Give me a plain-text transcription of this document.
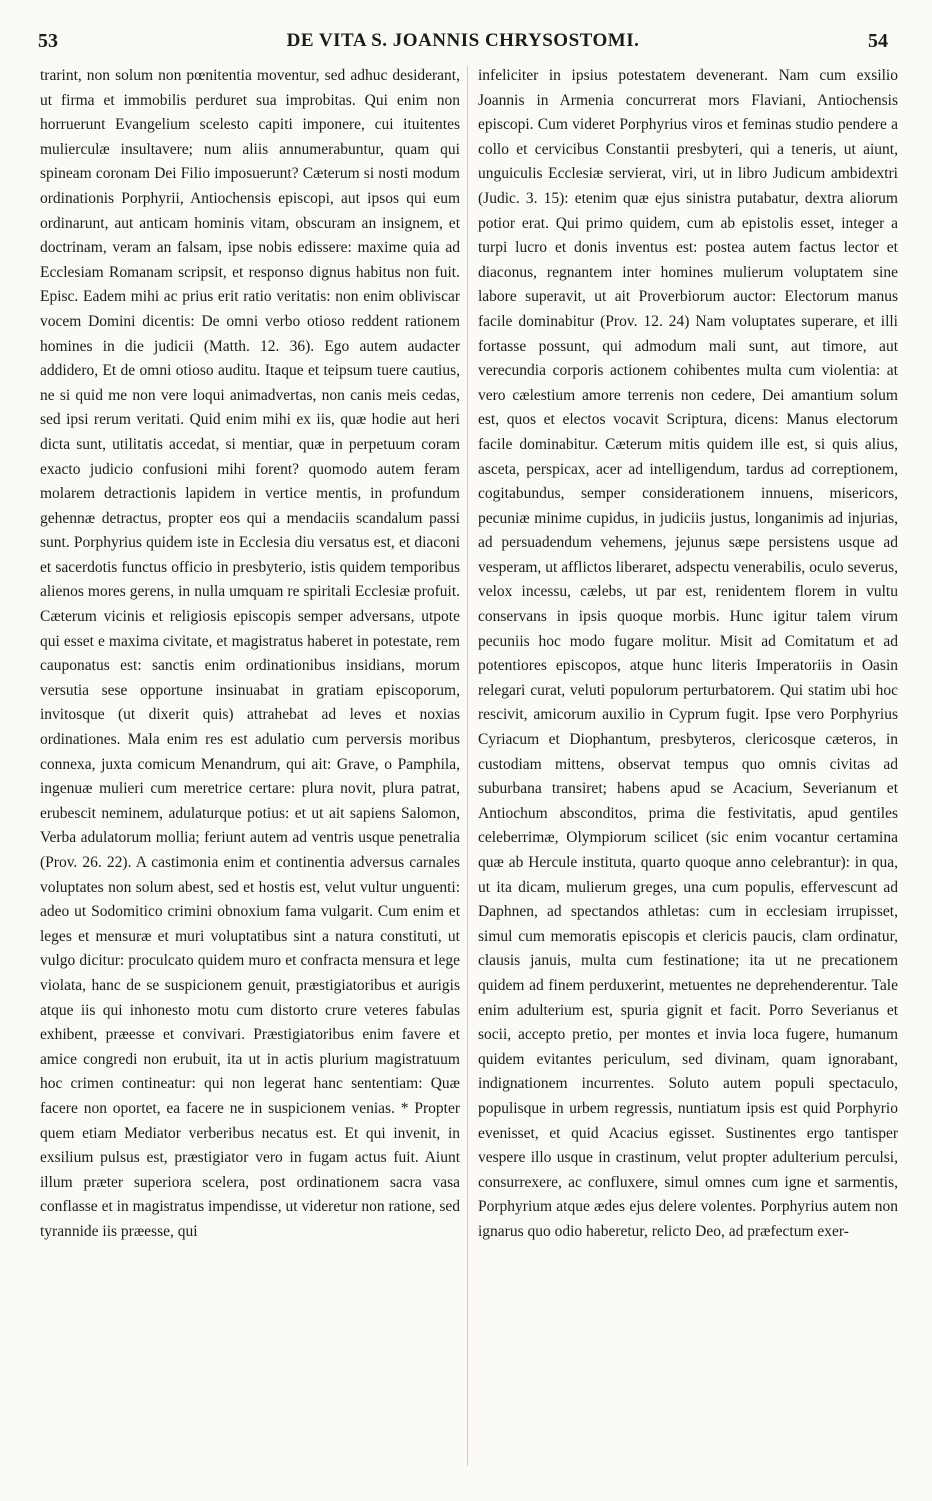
53	DE VITA S. JOANNIS CHRYSOSTOMI.	54

trarint, non solum non pœnitentia moventur, sed adhuc desiderant, ut firma et immobilis perduret sua improbitas. Qui enim non horruerunt Evangelium scelesto capiti imponere, cui ituitentes mulierculæ insultavere; num aliis annumerabuntur, quam qui spineam coronam Dei Filio imposuerunt? Cæterum si nosti modum ordinationis Porphyrii, Antiochensis episcopi, aut ipsos qui eum ordinarunt, aut anticam hominis vitam, obscuram an insignem, et doctrinam, veram an falsam, ipse nobis edissere: maxime quia ad Ecclesiam Romanam scripsit, et responso dignus habitus non fuit. Episc. Eadem mihi ac prius erit ratio veritatis: non enim obliviscar vocem Domini dicentis: De omni verbo otioso reddent rationem homines in die judicii (Matth. 12. 36). Ego autem audacter addidero, Et de omni otioso auditu. Itaque et teipsum tuere cautius, ne si quid me non vere loqui animadvertas, non canis meis cedas, sed ipsi rerum veritati. Quid enim mihi ex iis, quæ hodie aut heri dicta sunt, utilitatis accedat, si mentiar, quæ in perpetuum coram exacto judicio confusioni mihi forent? quomodo autem feram molarem detractionis lapidem in vertice mentis, in profundum gehennæ detractus, propter eos qui a mendaciis scandalum passi sunt. Porphyrius quidem iste in Ecclesia diu versatus est, et diaconi et sacerdotis functus officio in presbyterio, istis quidem temporibus alienos mores gerens, in nulla umquam re spiritali Ecclesiæ profuit. Cæterum vicinis et religiosis episcopis semper adversans, utpote qui esset e maxima civitate, et magistratus haberet in potestate, rem cauponatus est: sanctis enim ordinationibus insidians, morum versutia sese opportune insinuabat in gratiam episcoporum, invitosque (ut dixerit quis) attrahebat ad leves et noxias ordinationes. Mala enim res est adulatio cum perversis moribus connexa, juxta comicum Menandrum, qui ait: Grave, o Pamphila, ingenuæ mulieri cum meretrice certare: plura novit, plura patrat, erubescit neminem, adulaturque potius: et ut ait sapiens Salomon, Verba adulatorum mollia; feriunt autem ad ventris usque penetralia (Prov. 26. 22). A castimonia enim et continentia adversus carnales voluptates non solum abest, sed et hostis est, velut vultur unguenti: adeo ut Sodomitico crimini obnoxium fama vulgarit. Cum enim et leges et mensuræ et muri voluptatibus sint a natura constituti, ut vulgo dicitur: proculcato quidem muro et confracta mensura et lege violata, hanc de se suspicionem genuit, præstigiatoribus et aurigis atque iis qui inhonesto motu cum distorto crure veteres fabulas exhibent, præesse et convivari. Præstigiatoribus enim favere et amice congredi non erubuit, ita ut in actis plurium magistratuum hoc crimen contineatur: qui non legerat hanc sententiam: Quæ facere non oportet, ea facere ne in suspicionem venias. * Propter quem etiam Mediator verberibus necatus est. Et qui invenit, in exsilium pulsus est, præstigiator vero in fugam actus fuit. Aiunt illum præter superiora scelera, post ordinationem sacra vasa conflasse et in magistratus impendisse, ut videretur non ratione, sed tyrannide iis præesse, qui

infeliciter in ipsius potestatem devenerant. Nam cum exsilio Joannis in Armenia concurrerat mors Flaviani, Antiochensis episcopi. Cum videret Porphyrius viros et feminas studio pendere a collo et cervicibus Constantii presbyteri, qui a teneris, ut aiunt, unguiculis Ecclesiæ servierat, viri, ut in libro Judicum ambidextri (Judic. 3. 15): etenim quæ ejus sinistra putabatur, dextra aliorum potior erat. Qui primo quidem, cum ab epistolis esset, integer a turpi lucro et donis inventus est: postea autem factus lector et diaconus, regnantem inter homines mulierum voluptatem sine labore superavit, ut ait Proverbiorum auctor: Electorum manus facile dominabitur (Prov. 12. 24) Nam voluptates superare, et illi fortasse possunt, qui admodum mali sunt, aut timore, aut verecundia corporis actionem cohibentes multa cum violentia: at vero cælestium amore terrenis non cedere, Dei amantium solum est, quos et electos vocavit Scriptura, dicens: Manus electorum facile dominabitur. Cæterum mitis quidem ille est, si quis alius, asceta, perspicax, acer ad intelligendum, tardus ad correptionem, cogitabundus, semper considerationem innuens, misericors, pecuniæ minime cupidus, in judiciis justus, longanimis ad injurias, ad persuadendum vehemens, jejunus sæpe persistens usque ad vesperam, ut afflictos liberaret, adspectu venerabilis, oculo severus, velox incessu, cælebs, ut par est, renidentem florem in vultu conservans in ipsis quoque morbis. Hunc igitur talem virum pecuniis hoc modo fugare molitur. Misit ad Comitatum et ad potentiores episcopos, atque hunc literis Imperatoriis in Oasin relegari curat, veluti populorum perturbatorem. Qui statim ubi hoc rescivit, amicorum auxilio in Cyprum fugit. Ipse vero Porphyrius Cyriacum et Diophantum, presbyteros, clericosque cæteros, in custodiam mittens, observat tempus quo omnis civitas ad suburbana transiret; habens apud se Acacium, Severianum et Antiochum absconditos, prima die festivitatis, apud gentiles celeberrimæ, Olympiorum scilicet (sic enim vocantur certamina quæ ab Hercule instituta, quarto quoque anno celebrantur): in qua, ut ita dicam, mulierum greges, una cum populis, effervescunt ad Daphnen, ad spectandos athletas: cum in ecclesiam irrupisset, simul cum memoratis episcopis et clericis paucis, clam ordinatur, clausis januis, multa cum festinatione; ita ut ne precationem quidem ad finem perduxerint, metuentes ne deprehenderentur. Tale enim adulterium est, spuria gignit et facit. Porro Severianus et socii, accepto pretio, per montes et invia loca fugere, humanum quidem evitantes periculum, sed divinam, quam ignorabant, indignationem incurrentes. Soluto autem populi spectaculo, populisque in urbem regressis, nuntiatum ipsis est quid Porphyrio evenisset, et quid Acacius egisset. Sustinentes ergo tantisper vespere illo usque in crastinum, velut propter adulterium perculsi, consurrexere, ac confluxere, simul omnes cum igne et sarmentis, Porphyrium atque ædes ejus delere volentes. Porphyrius autem non ignarus quo odio haberetur, relicto Deo, ad præfectum exer-
